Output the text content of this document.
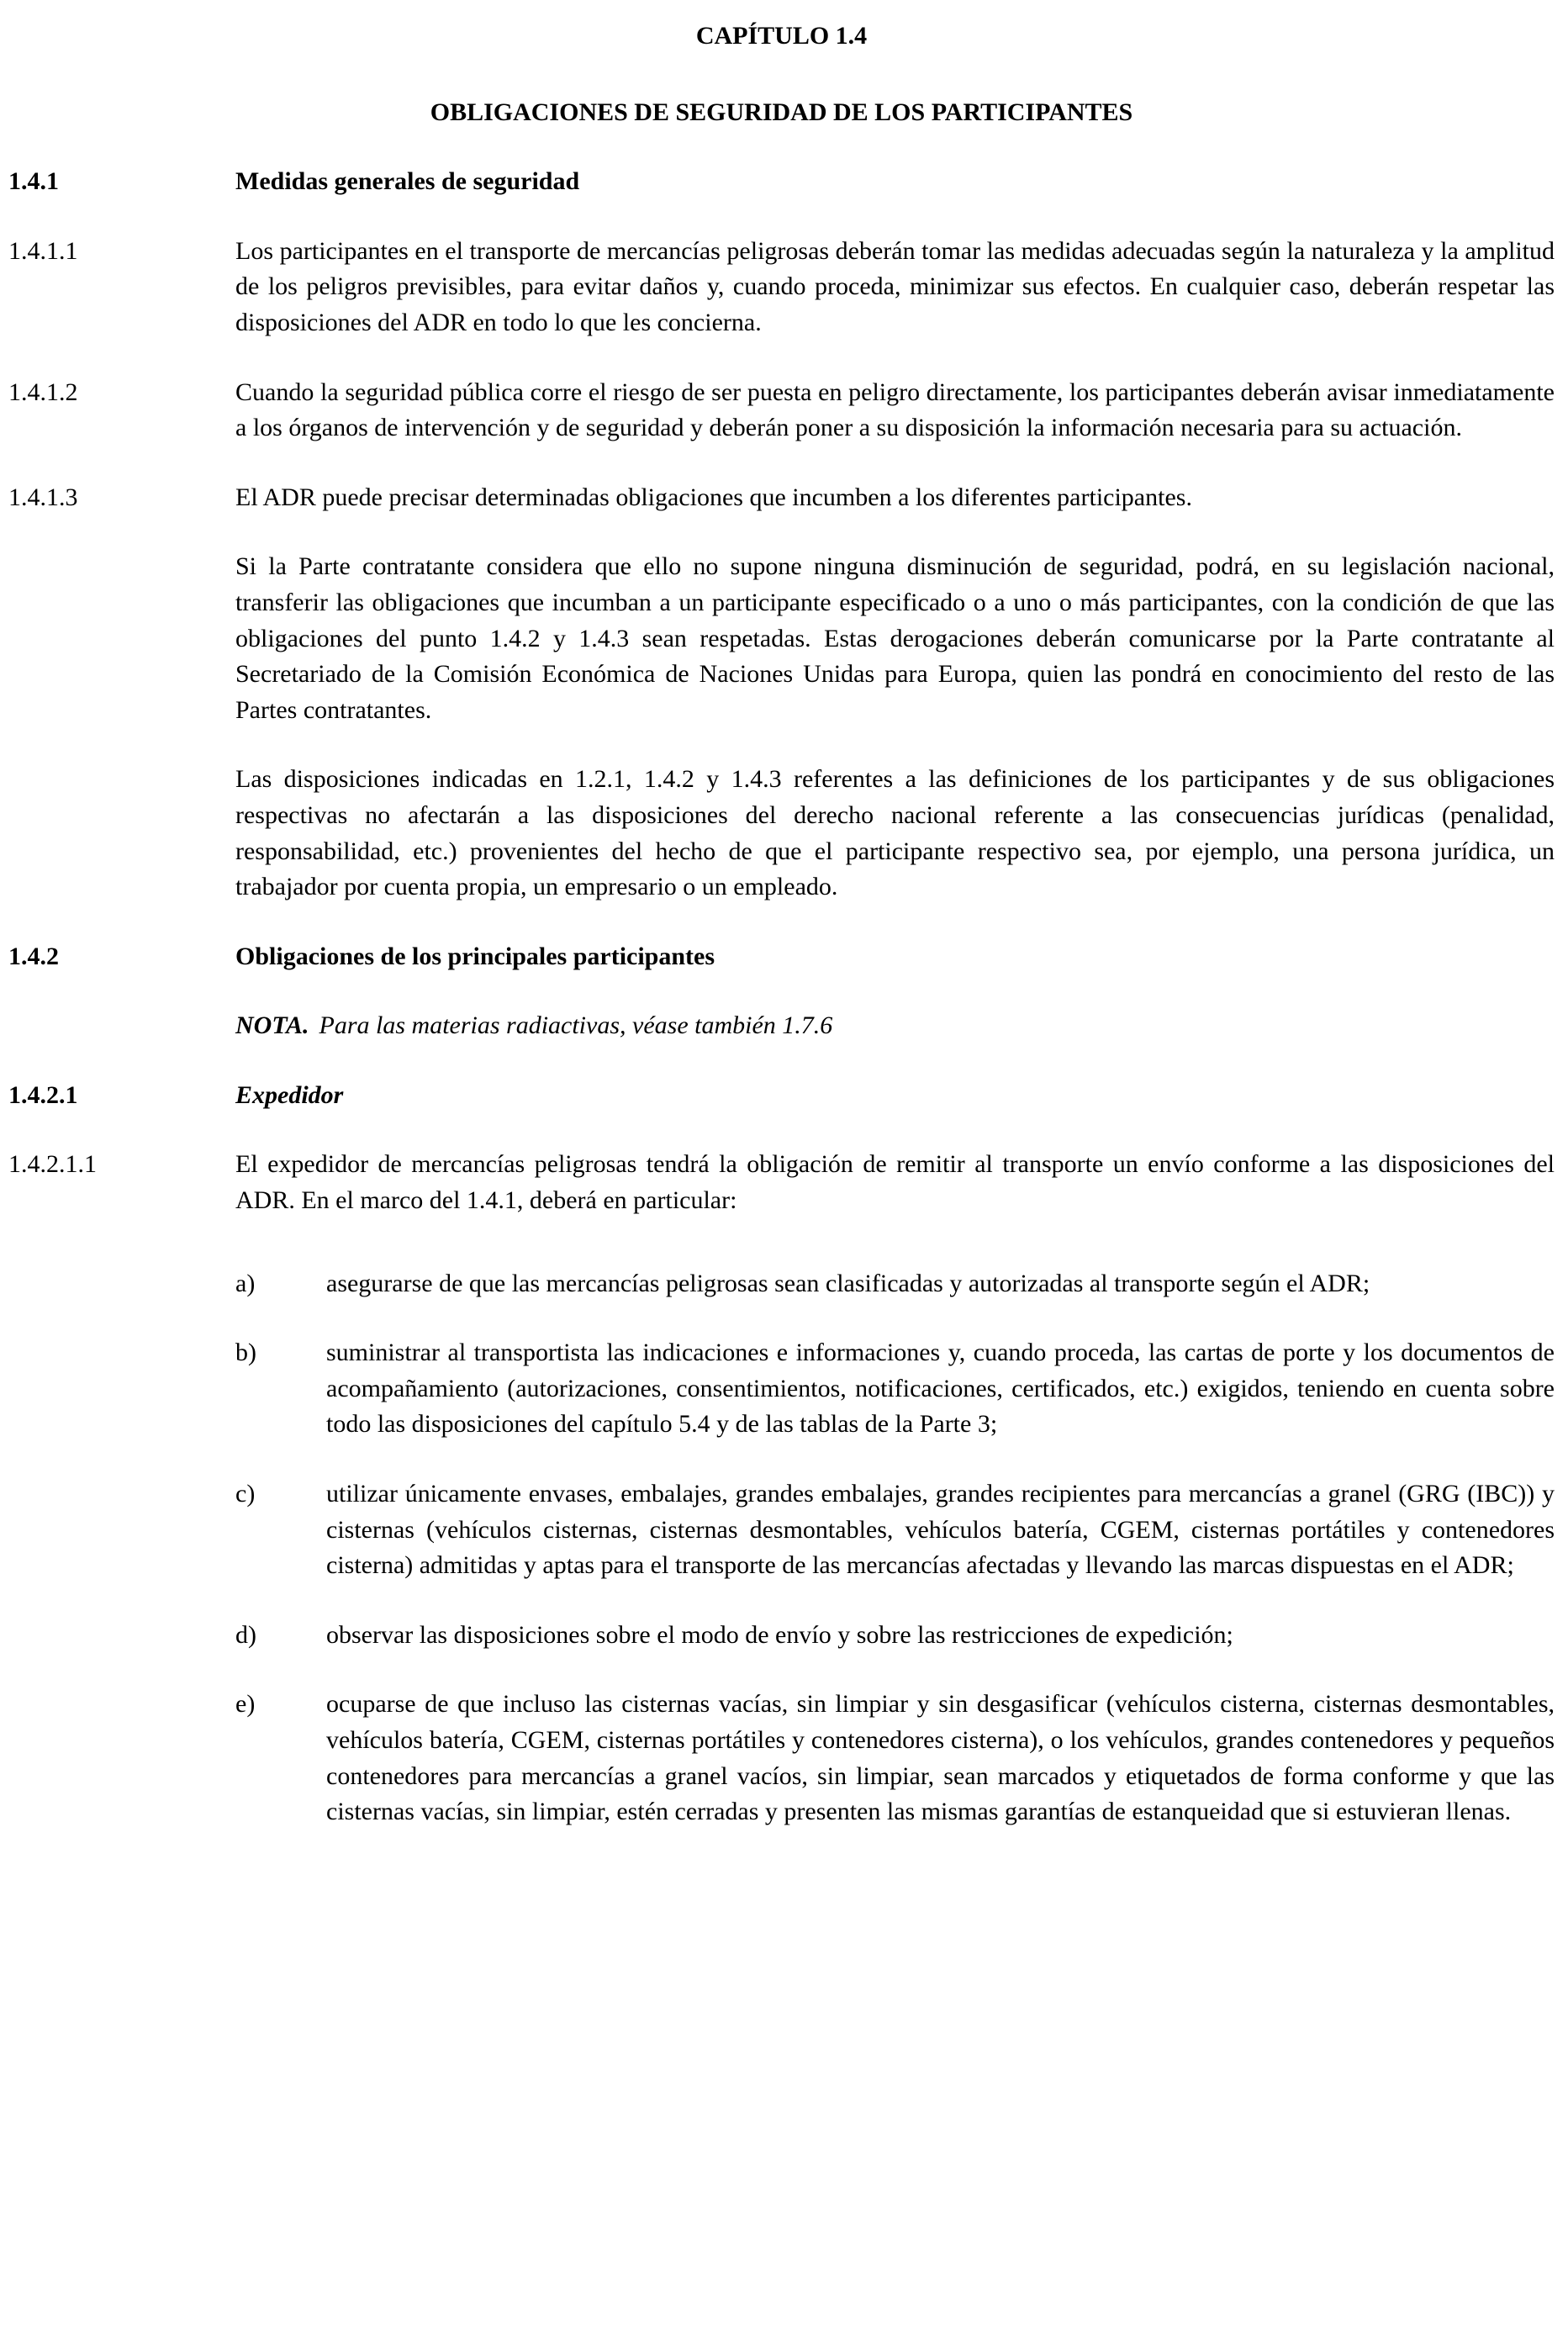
CAPÍTULO 1.4
OBLIGACIONES DE SEGURIDAD DE LOS PARTICIPANTES
1.4.1	Medidas generales de seguridad
1.4.1.1	Los participantes en el transporte de mercancías peligrosas deberán tomar las medidas adecuadas según la naturaleza y la amplitud de los peligros previsibles, para evitar daños y, cuando proceda, minimizar sus efectos. En cualquier caso, deberán respetar las disposiciones del ADR en todo lo que les concierna.
1.4.1.2	Cuando la seguridad pública corre el riesgo de ser puesta en peligro directamente, los participantes deberán avisar inmediatamente a los órganos de intervención y de seguridad y deberán poner a su disposición la información necesaria para su actuación.
1.4.1.3	El ADR puede precisar determinadas obligaciones que incumben a los diferentes participantes.
Si la Parte contratante considera que ello no supone ninguna disminución de seguridad, podrá, en su legislación nacional, transferir las obligaciones que incumban a un participante especificado o a uno o más participantes, con la condición de que las obligaciones del punto 1.4.2 y 1.4.3 sean respetadas. Estas derogaciones deberán comunicarse por la Parte contratante al Secretariado de la Comisión Económica de Naciones Unidas para Europa, quien las pondrá en conocimiento del resto de las Partes contratantes.
Las disposiciones indicadas en 1.2.1, 1.4.2 y 1.4.3 referentes a las definiciones de los participantes y de sus obligaciones respectivas no afectarán a las disposiciones del derecho nacional referente a las consecuencias jurídicas (penalidad, responsabilidad, etc.) provenientes del hecho de que el participante respectivo sea, por ejemplo, una persona jurídica, un trabajador por cuenta propia, un empresario o un empleado.
1.4.2	Obligaciones de los principales participantes
NOTA. Para las materias radiactivas, véase también 1.7.6
1.4.2.1	Expedidor
1.4.2.1.1	El expedidor de mercancías peligrosas tendrá la obligación de remitir al transporte un envío conforme a las disposiciones del ADR. En el marco del 1.4.1, deberá en particular:
a)	asegurarse de que las mercancías peligrosas sean clasificadas y autorizadas al transporte según el ADR;
b)	suministrar al transportista las indicaciones e informaciones y, cuando proceda, las cartas de porte y los documentos de acompañamiento (autorizaciones, consentimientos, notificaciones, certificados, etc.) exigidos, teniendo en cuenta sobre todo las disposiciones del capítulo 5.4 y de las tablas de la Parte 3;
c)	utilizar únicamente envases, embalajes, grandes embalajes, grandes recipientes para mercancías a granel (GRG (IBC)) y cisternas (vehículos cisternas, cisternas desmontables, vehículos batería, CGEM, cisternas portátiles y contenedores cisterna) admitidas y aptas para el transporte de las mercancías afectadas y llevando las marcas dispuestas en el ADR;
d)	observar las disposiciones sobre el modo de envío y sobre las restricciones de expedición;
e)	ocuparse de que incluso las cisternas vacías, sin limpiar y sin desgasificar (vehículos cisterna, cisternas desmontables, vehículos batería, CGEM, cisternas portátiles y contenedores cisterna), o los vehículos, grandes contenedores y pequeños contenedores para mercancías a granel vacíos, sin limpiar, sean marcados y etiquetados de forma conforme y que las cisternas vacías, sin limpiar, estén cerradas y presenten las mismas garantías de estanqueidad que si estuvieran llenas.
